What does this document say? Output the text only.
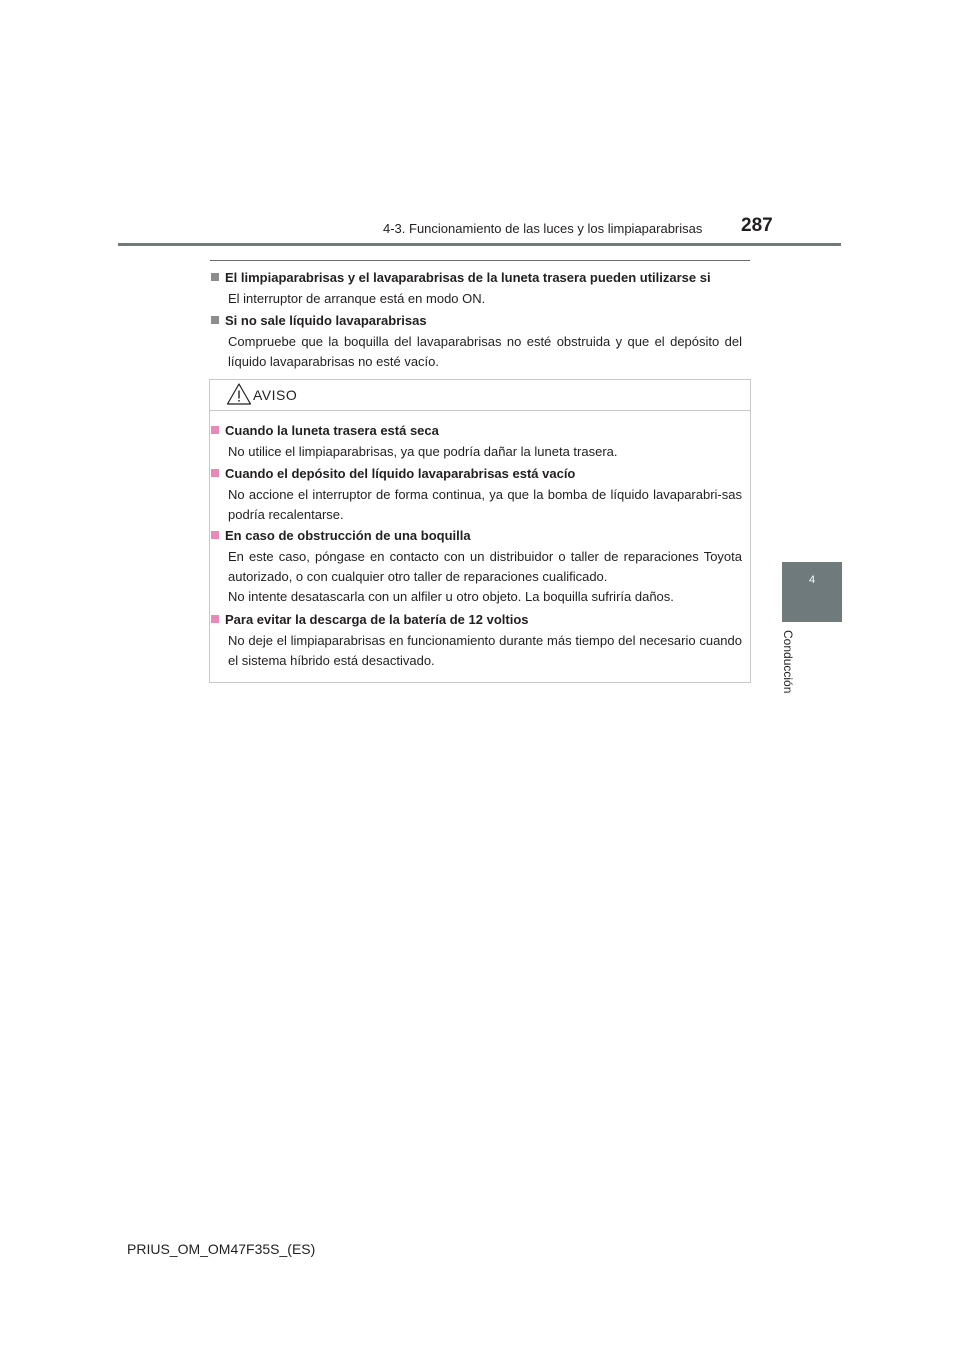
4-3. Funcionamiento de las luces y los limpiaparabrisas 287
4
Conducción
El limpiaparabrisas y el lavaparabrisas de la luneta trasera pueden utilizarse si
El interruptor de arranque está en modo ON.
Si no sale líquido lavaparabrisas
Compruebe que la boquilla del lavaparabrisas no esté obstruida y que el depósito del líquido lavaparabrisas no esté vacío.
AVISO
Cuando la luneta trasera está seca
No utilice el limpiaparabrisas, ya que podría dañar la luneta trasera.
Cuando el depósito del líquido lavaparabrisas está vacío
No accione el interruptor de forma continua, ya que la bomba de líquido lavaparabri-sas podría recalentarse.
En caso de obstrucción de una boquilla
En este caso, póngase en contacto con un distribuidor o taller de reparaciones Toyota autorizado, o con cualquier otro taller de reparaciones cualificado.
No intente desatascarla con un alfiler u otro objeto. La boquilla sufriría daños.
Para evitar la descarga de la batería de 12 voltios
No deje el limpiaparabrisas en funcionamiento durante más tiempo del necesario cuando el sistema híbrido está desactivado.
PRIUS_OM_OM47F35S_(ES)
